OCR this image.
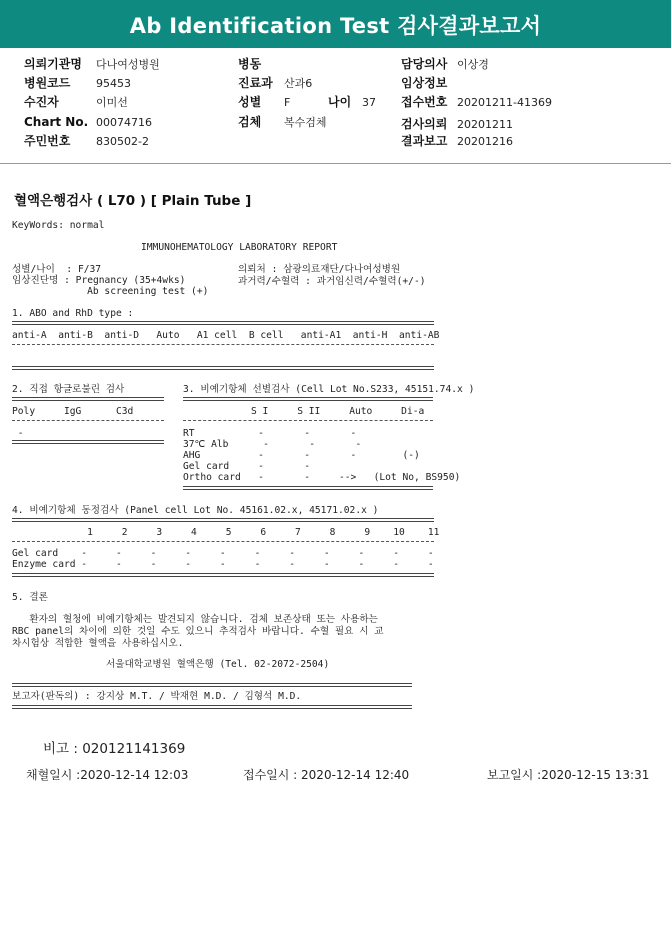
Ab Identification Test 검사결과보고서
의뢰기관명 다나여성병원
병원코드 95453
수진자	이미선
Chart No. 00074716
주민번호 830502-2
병동
진료과 산과6
성별 F	나이 37
검체 복수검체
담당의사 이상경
임상정보
접수번호 20201211-41369
검사의뢰 20201211
결과보고 20201216
혈액은행검사 ( L70 ) [ Plain Tube ]
KeyWords: normal
IMMUNOHEMATOLOGY LABORATORY REPORT
성별/나이  : F/37
임상진단명 : Pregnancy (35+4wks)
Ab screening test (+)
의뢰처 : 삼광의료재단/다나여성병원
과거력/수혈력 : 과거임신력/수혈력(+/-)
1. ABO and RhD type :
anti-A  anti-B  anti-D   Auto   A1 cell  B cell   anti-A1  anti-H  anti-AB
2. 직접 항글로불린 검사
Poly     IgG      C3d
-
3. 비예기항체 선별검사 (Cell Lot No.S233, 45151.74.x )
S I     S II     Auto     Di-a
RT           -       -       -
37℃ Alb      -       -       -
AHG          -       -       -        (-)
Gel card     -       -
Ortho card   -       -     -->   (Lot No, BS950)
4. 비예기항체 동정검사 (Panel cell Lot No. 45161.02.x, 45171.02.x )
1     2     3     4     5     6     7     8     9    10    11
Gel card    -     -     -     -     -     -     -     -     -     -     -
Enzyme card -     -     -     -     -     -     -     -     -     -     -
5. 결론
환자의 혈청에 비예기항체는 발견되지 않습니다. 검체 보존상태 또는 사용하는
RBC panel의 차이에 의한 것일 수도 있으니 추적검사 바랍니다. 수혈 필요 시 교
차시험상 적합한 혈액을 사용하십시오.
서울대학교병원 혈액은행 (Tel. 02-2072-2504)
보고자(판독의) : 강지상 M.T. / 박재현 M.D. / 김형석 M.D.
비고 : 020121141369
채혈일시 :2020-12-14 12:03	접수일시 : 2020-12-14 12:40	보고일시 :2020-12-15 13:31
